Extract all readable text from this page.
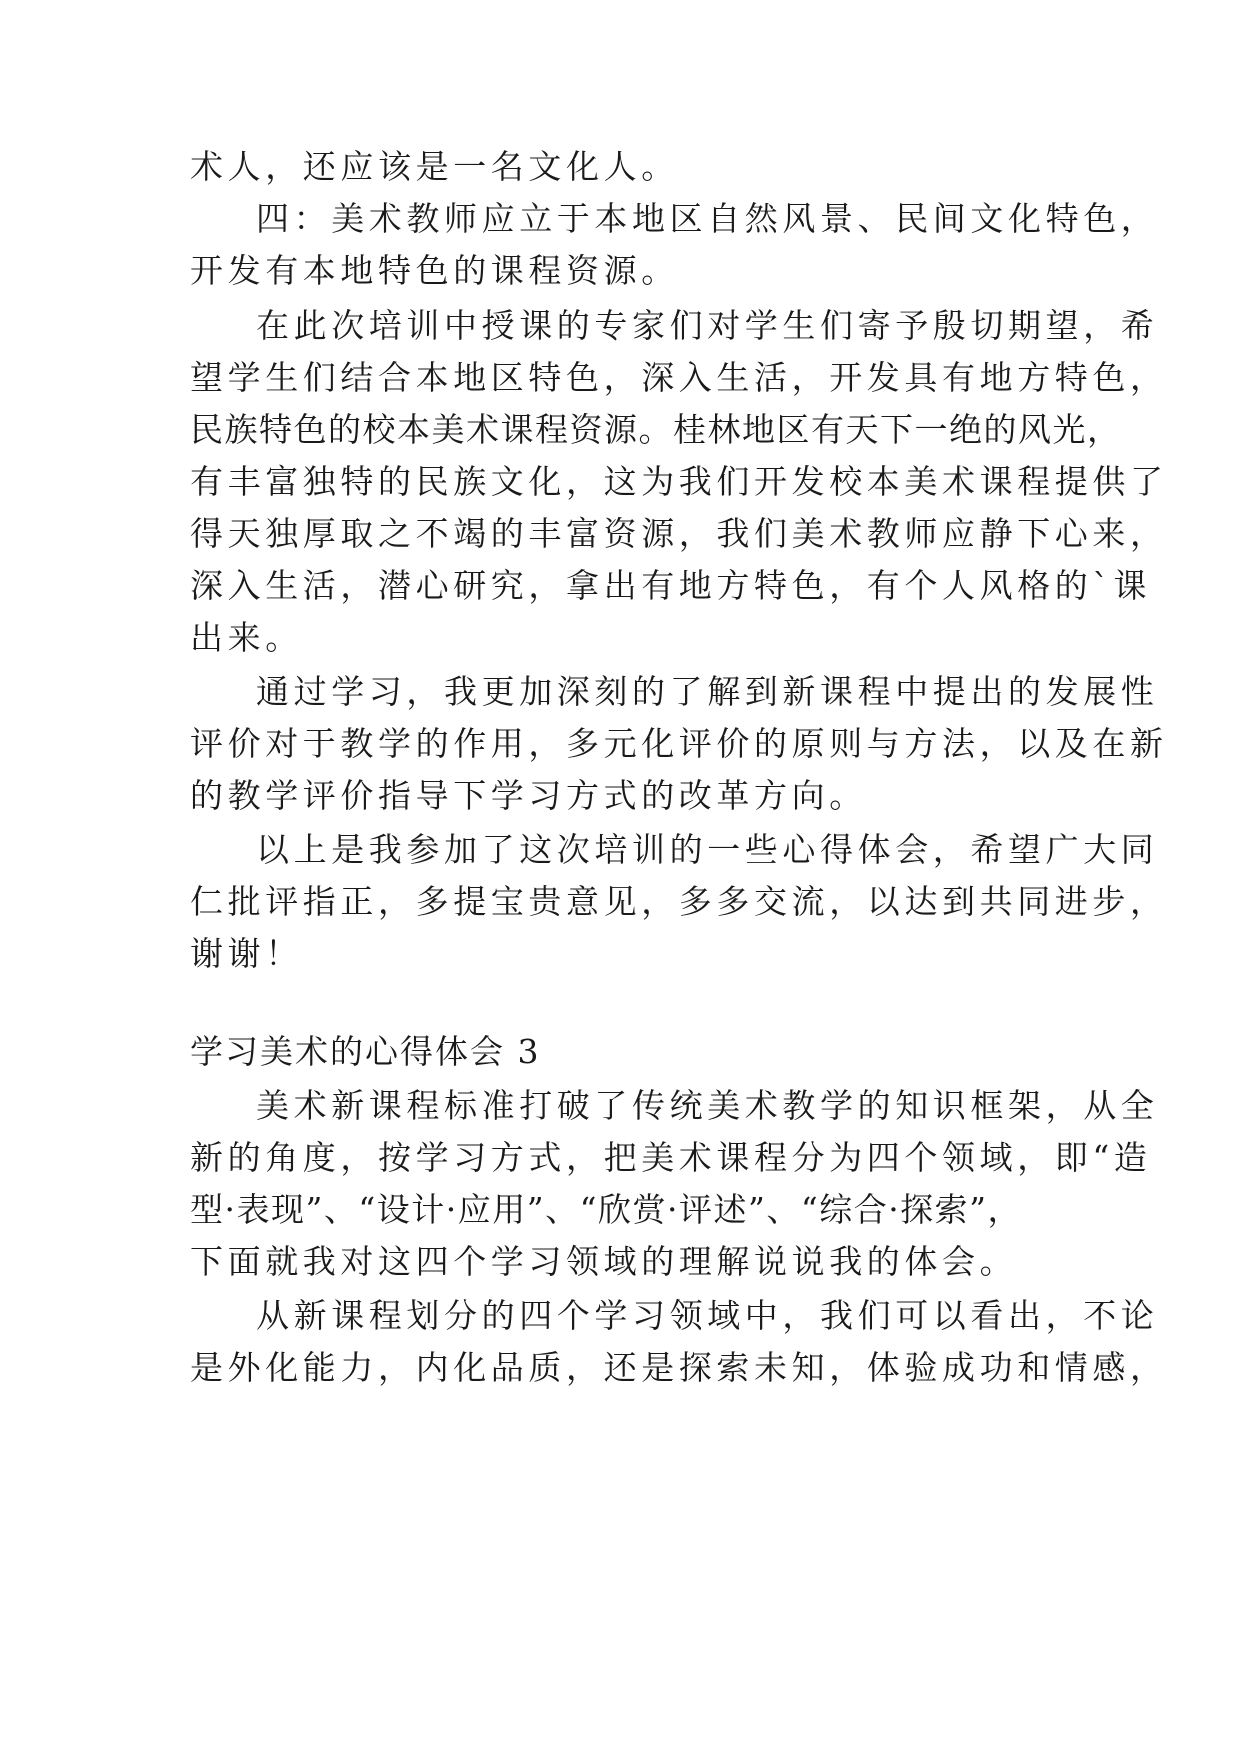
术人，还应该是一名文化人。
四：美术教师应立于本地区自然风景、民间文化特色，
开发有本地特色的课程资源。
在此次培训中授课的专家们对学生们寄予殷切期望，希
望学生们结合本地区特色，深入生活，开发具有地方特色，
民族特色的校本美术课程资源。桂林地区有天下一绝的风光，
有丰富独特的民族文化，这为我们开发校本美术课程提供了
得天独厚取之不竭的丰富资源，我们美术教师应静下心来，
深入生活，潜心研究，拿出有地方特色，有个人风格的`课
出来。
通过学习，我更加深刻的了解到新课程中提出的发展性
评价对于教学的作用，多元化评价的原则与方法，以及在新
的教学评价指导下学习方式的改革方向。
以上是我参加了这次培训的一些心得体会，希望广大同
仁批评指正，多提宝贵意见，多多交流，以达到共同进步，
谢谢！
学习美术的心得体会 3
美术新课程标准打破了传统美术教学的知识框架，从全
新的角度，按学习方式，把美术课程分为四个领域，即“造
型·表现”、“设计·应用”、“欣赏·评述”、“综合·探索”，
下面就我对这四个学习领域的理解说说我的体会。
从新课程划分的四个学习领域中，我们可以看出，不论
是外化能力，内化品质，还是探索未知，体验成功和情感，
